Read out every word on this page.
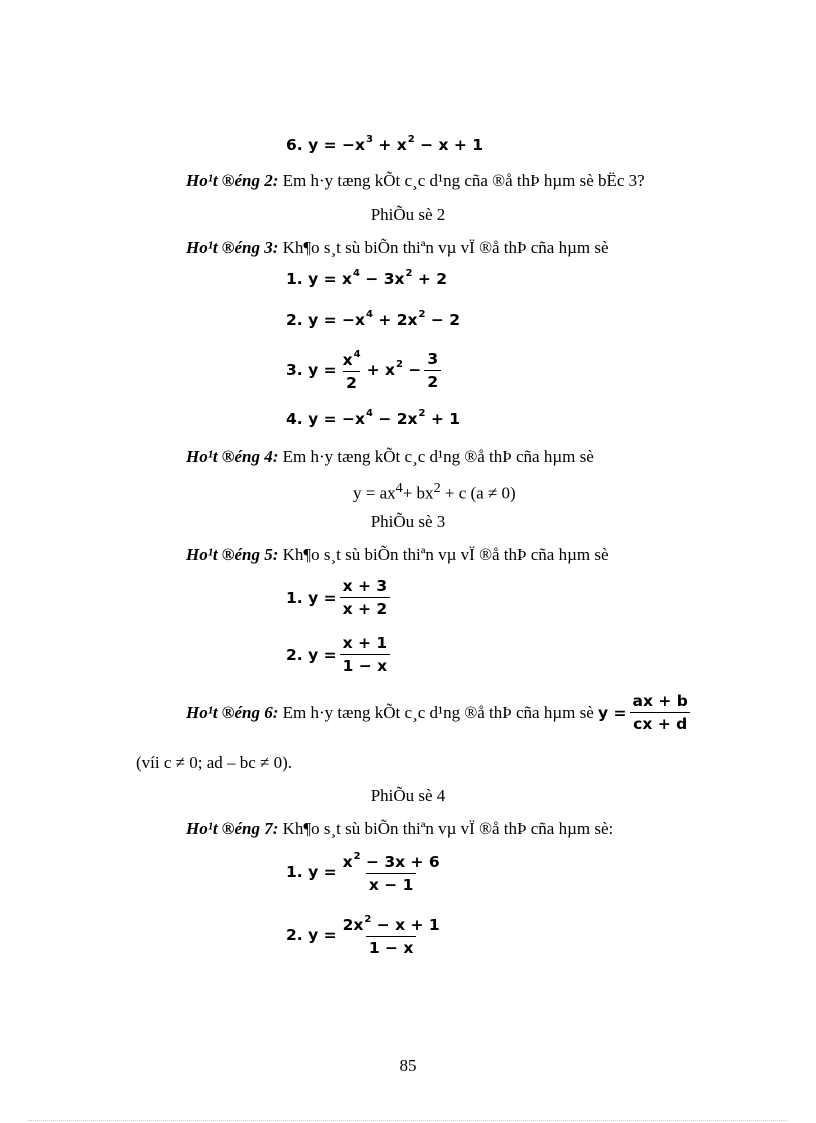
6.
y =
$-x^3 + x^2 - x + 1$
Ho¹t ®éng 2: Em h·y tæng kÕt c¸c d¹ng cña ®å thÞ hµm sè bËc 3?
PhiÕu sè 2
Ho¹t ®éng 3: Kh¶o s¸t sù biÕn thiªn vµ vÏ ®å thÞ cña hµm sè
1.
y =
$x^4 - 3x^2 + 2$
2.
y =
$-x^4 + 2x^2 - 2$
3.
$y = \frac{x^4}{2} + x^2 - \frac{3}{2}$
4.
y =
$-x^4 - 2x^2 + 1$
Ho¹t ®éng 4: Em h·y tæng kÕt c¸c d¹ng ®å thÞ cña hµm sè
$y = ax^4+ bx^2 + c$ (a ≠ 0)
PhiÕu sè 3
Ho¹t ®éng 5: Kh¶o s¸t sù biÕn thiªn vµ vÏ ®å thÞ cña hµm sè
1.
$y = \frac{x + 3}{x + 2}$
2.
$y = \frac{x + 1}{1 - x}$
Ho¹t ®éng 6: Em h·y tæng kÕt c¸c d¹ng ®å thÞ cña hµm sè $y = \frac{ax + b}{cx + d}$
(víi c ≠ 0; ad – bc ≠ 0).
PhiÕu sè 4
Ho¹t ®éng 7: Kh¶o s¸t sù biÕn thiªn vµ vÏ ®å thÞ cña hµm sè:
1.
$y = \frac{x^2 - 3x + 6}{x - 1}$
2.
$y = \frac{2x^2 - x + 1}{1 - x}$
85
